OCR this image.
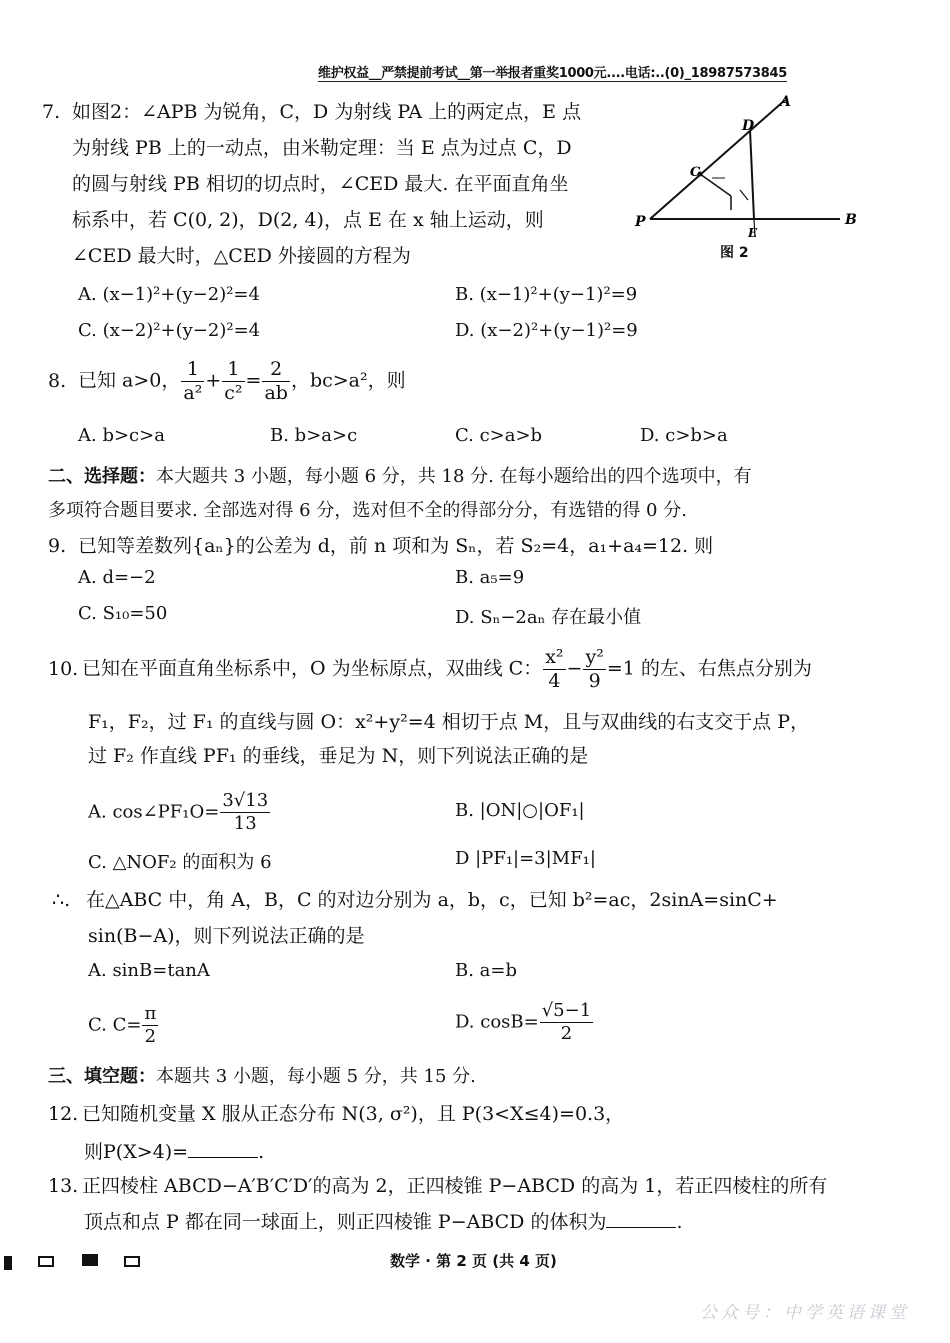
维护权益__严禁提前考试__第一举报者重奖1000元....电话:..(0)_18987573845
7. 如图2：∠APB 为锐角，C，D 为射线 PA 上的两定点，E 点
为射线 PB 上的一动点，由米勒定理：当 E 点为过点 C，D
的圆与射线 PB 相切的切点时，∠CED 最大. 在平面直角坐
标系中，若 C(0, 2)，D(2, 4)，点 E 在 x 轴上运动，则
∠CED 最大时，△CED 外接圆的方程为
A
D
C
P	B
E
图 2
A. (x−1)²+(y−2)²=4	B. (x−1)²+(y−1)²=9
C. (x−2)²+(y−2)²=4	D. (x−2)²+(y−1)²=9
8. 已知 a>0， $\frac{1}{\text{a²}} + \frac{1}{\text{c²}} = \frac{2}{ab}$ ，bc>a²，则
A. b>c>a	B. b>a>c	C. c>a>b	D. c>b>a
二、选择题：本大题共 3 小题，每小题 6 分，共 18 分. 在每小题给出的四个选项中，有
多项符合题目要求. 全部选对得 6 分，选对但不全的得部分分，有选错的得 0 分.
9. 已知等差数列{aₙ}的公差为 d，前 n 项和为 Sₙ，若 S₂=4，a₁+a₄=12. 则
A. d=−2	B. a₅=9
C. S₁₀=50	D. Sₙ−2aₙ 存在最小值
10. 已知在平面直角坐标系中，O 为坐标原点，双曲线 C： $\frac{\text{x²}}{4} - \frac{\text{y²}}{9} =1$ 的左、右焦点分别为
F₁，F₂，过 F₁ 的直线与圆 O：x²+y²=4 相切于点 M，且与双曲线的右支交于点 P，
过 F₂ 作直线 PF₁ 的垂线，垂足为 N，则下列说法正确的是
A. cos∠PF₁O= $\frac{3√13}{13}$	B. |ON|○|OF₁|
C. △NOF₂ 的面积为 6	D |PF₁|=3|MF₁|
∴. 在△ABC 中，角 A，B，C 的对边分别为 a，b，c，已知 b²=ac，2sinA=sinC+
sin(B−A)，则下列说法正确的是
A. sinB=tanA	B. a=b
C. $C= \frac{\pi}{2}$	D. $\cos B= \frac{√5-1}{2}$
三、填空题：本题共 3 小题，每小题 5 分，共 15 分.
12. 已知随机变量 X 服从正态分布 N(3, σ²)，且 P(3<X≤4)=0.3，
则P(X>4)=	.
13. 正四棱柱 ABCD−A′B′C′D′的高为 2，正四棱锥 P−ABCD 的高为 1，若正四棱柱的所有
顶点和点 P 都在同一球面上，则正四棱锥 P−ABCD 的体积为	.
数学 · 第 2 页 (共 4 页)
公众号：中学英语课堂
